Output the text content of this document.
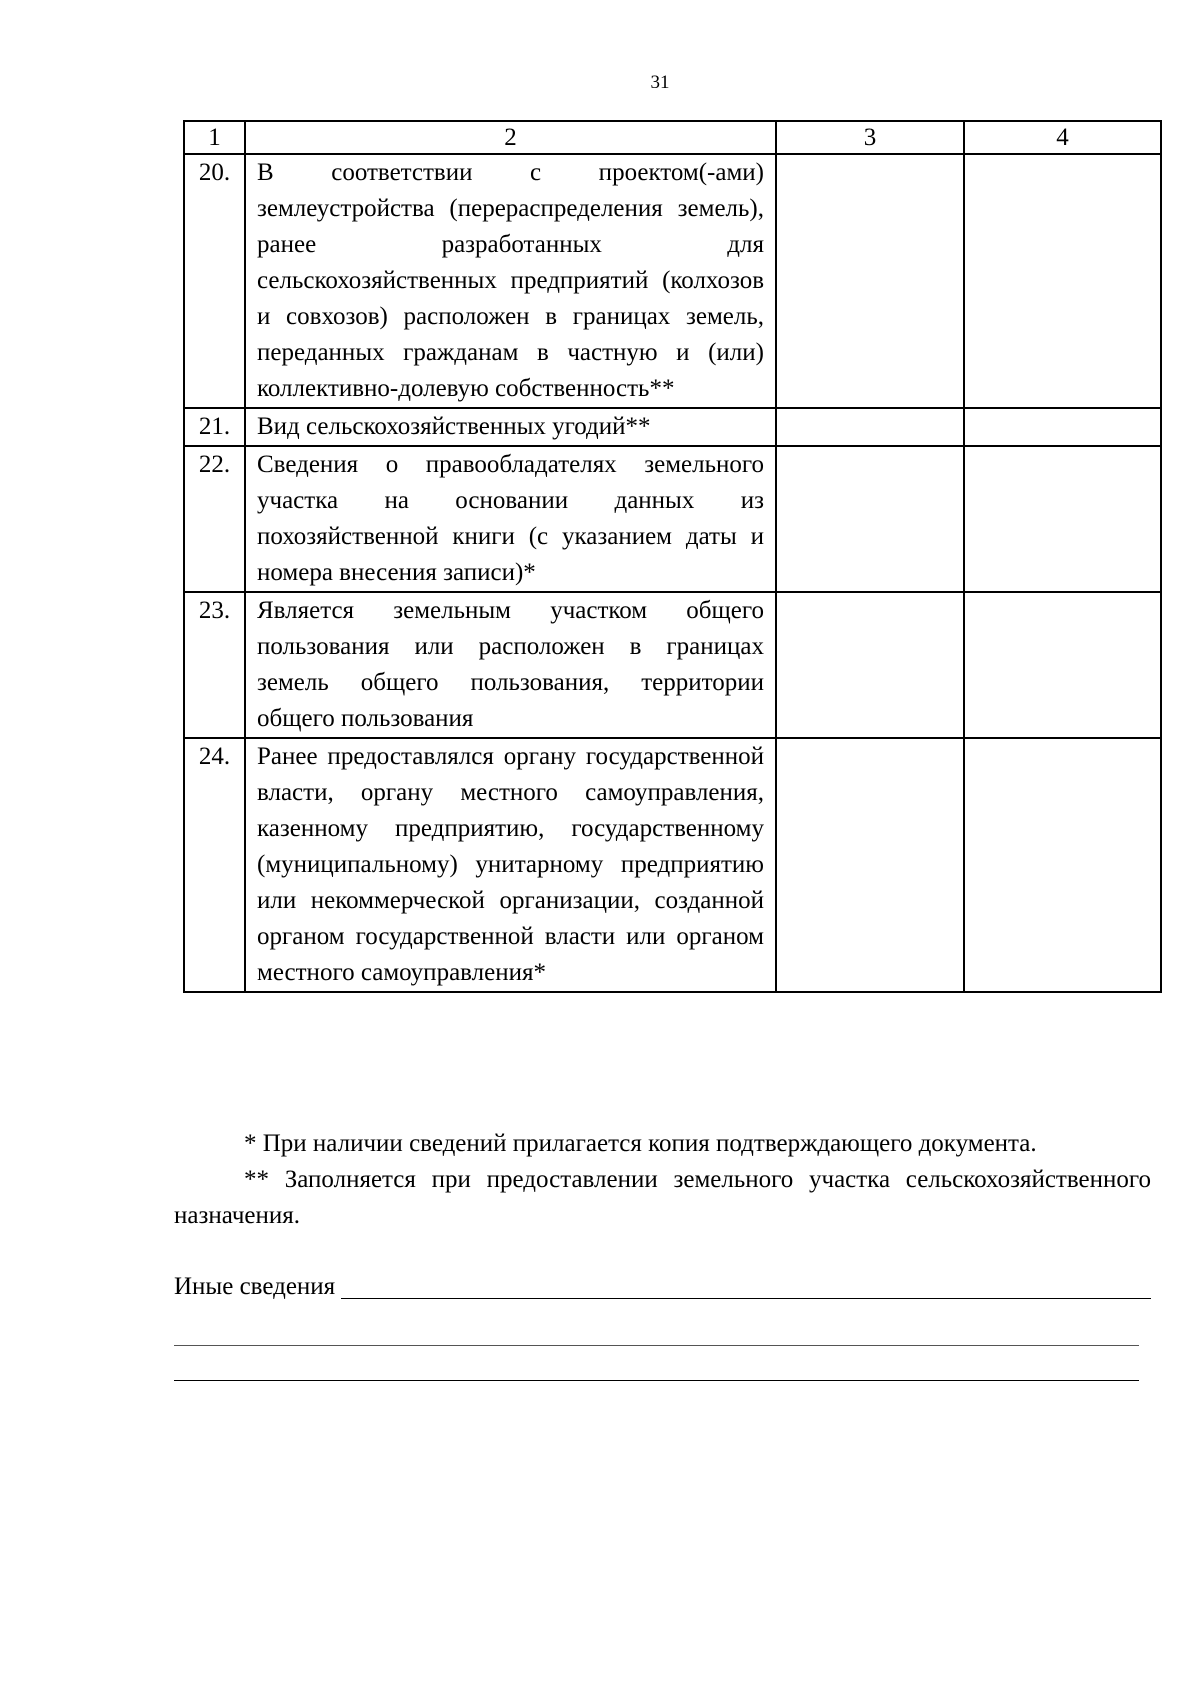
31
1	2	3	4
20.	В соответствии с проектом(-ами) землеустройства (перераспределения земель), ранее разработанных для сельскохозяйственных предприятий (колхозов и совхозов) расположен в границах земель, переданных гражданам в частную и (или) коллективно-долевую собственность**		
21.	Вид сельскохозяйственных угодий**		
22.	Сведения о правообладателях земельного участка на основании данных из похозяйственной книги (с указанием даты и номера внесения записи)*		
23.	Является земельным участком общего пользования или расположен в границах земель общего пользования, территории общего пользования		
24.	Ранее предоставлялся органу государственной власти, органу местного самоуправления, казенному предприятию, государственному (муниципальному) унитарному предприятию или некоммерческой организации, созданной органом государственной власти или органом местного самоуправления*		

* При наличии сведений прилагается копия подтверждающего документа.

** Заполняется при предоставлении земельного участка сельскохозяйственного назначения.

Иные сведения
